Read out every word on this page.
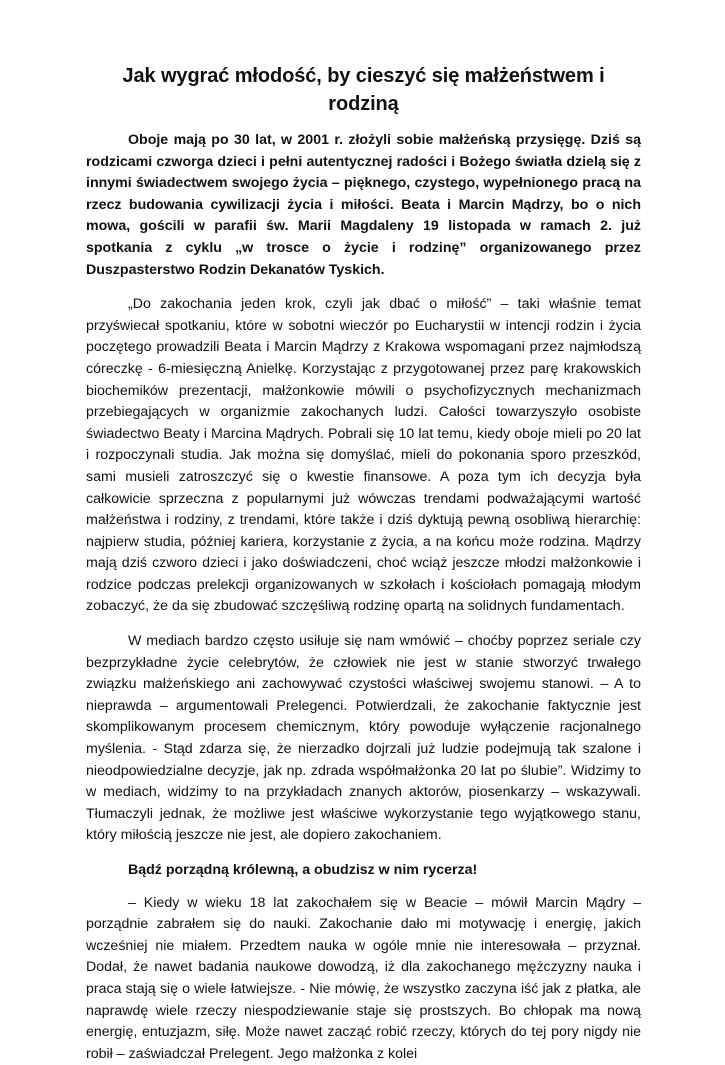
Jak wygrać młodość, by cieszyć się małżeństwem i rodziną

Oboje mają po 30 lat, w 2001 r. złożyli sobie małżeńską przysięgę. Dziś są rodzicami czworga dzieci i pełni autentycznej radości i Bożego światła dzielą się z innymi świadectwem swojego życia – pięknego, czystego, wypełnionego pracą na rzecz budowania cywilizacji życia i miłości. Beata i Marcin Mądrzy, bo o nich mowa, gościli w parafii św. Marii Magdaleny 19 listopada w ramach 2. już spotkania z cyklu „w trosce o życie i rodzinę” organizowanego przez Duszpasterstwo Rodzin Dekanatów Tyskich.

„Do zakochania jeden krok, czyli jak dbać o miłość” – taki właśnie temat przyświecał spotkaniu, które w sobotni wieczór po Eucharystii w intencji rodzin i życia poczętego prowadzili Beata i Marcin Mądrzy z Krakowa wspomagani przez najmłodszą córeczkę - 6-miesięczną Anielkę. Korzystając z przygotowanej przez parę krakowskich biochemików prezentacji, małżonkowie mówili o psychofizycznych mechanizmach przebiegających w organizmie zakochanych ludzi. Całości towarzyszyło osobiste świadectwo Beaty i Marcina Mądrych. Pobrali się 10 lat temu, kiedy oboje mieli po 20 lat i rozpoczynali studia. Jak można się domyślać, mieli do pokonania sporo przeszkód, sami musieli zatroszczyć się o kwestie finansowe. A poza tym ich decyzja była całkowicie sprzeczna z popularnymi już wówczas trendami podważającymi wartość małżeństwa i rodziny, z trendami, które także i dziś dyktują pewną osobliwą hierarchię: najpierw studia, później kariera, korzystanie z życia, a na końcu może rodzina. Mądrzy mają dziś czworo dzieci i jako doświadczeni, choć wciąż jeszcze młodzi małżonkowie i rodzice podczas prelekcji organizowanych w szkołach i kościołach pomagają młodym zobaczyć, że da się zbudować szczęśliwą rodzinę opartą na solidnych fundamentach.

W mediach bardzo często usiłuje się nam wmówić – choćby poprzez seriale czy bezprzykładne życie celebrytów, że człowiek nie jest w stanie stworzyć trwałego związku małżeńskiego ani zachowywać czystości właściwej swojemu stanowi. – A to nieprawda – argumentowali Prelegenci. Potwierdzali, że zakochanie faktycznie jest skomplikowanym procesem chemicznym, który powoduje wyłączenie racjonalnego myślenia. - Stąd zdarza się, że nierzadko dojrzali już ludzie podejmują tak szalone i nieodpowiedzialne decyzje, jak np. zdrada współmałżonka 20 lat po ślubie”. Widzimy to w mediach, widzimy to na przykładach znanych aktorów, piosenkarzy – wskazywali. Tłumaczyli jednak, że możliwe jest właściwe wykorzystanie tego wyjątkowego stanu, który miłością jeszcze nie jest, ale dopiero zakochaniem.

Bądź porządną królewną, a obudzisz w nim rycerza!

– Kiedy w wieku 18 lat zakochałem się w Beacie – mówił Marcin Mądry – porządnie zabrałem się do nauki. Zakochanie dało mi motywację i energię, jakich wcześniej nie miałem. Przedtem nauka w ogóle mnie nie interesowała – przyznał. Dodał, że nawet badania naukowe dowodzą, iż dla zakochanego mężczyzny nauka i praca stają się o wiele łatwiejsze. - Nie mówię, że wszystko zaczyna iść jak z płatka, ale naprawdę wiele rzeczy niespodziewanie staje się prostszych. Bo chłopak ma nową energię, entuzjazm, siłę. Może nawet zacząć robić rzeczy, których do tej pory nigdy nie robił – zaświadczał Prelegent. Jego małżonka z kolei
